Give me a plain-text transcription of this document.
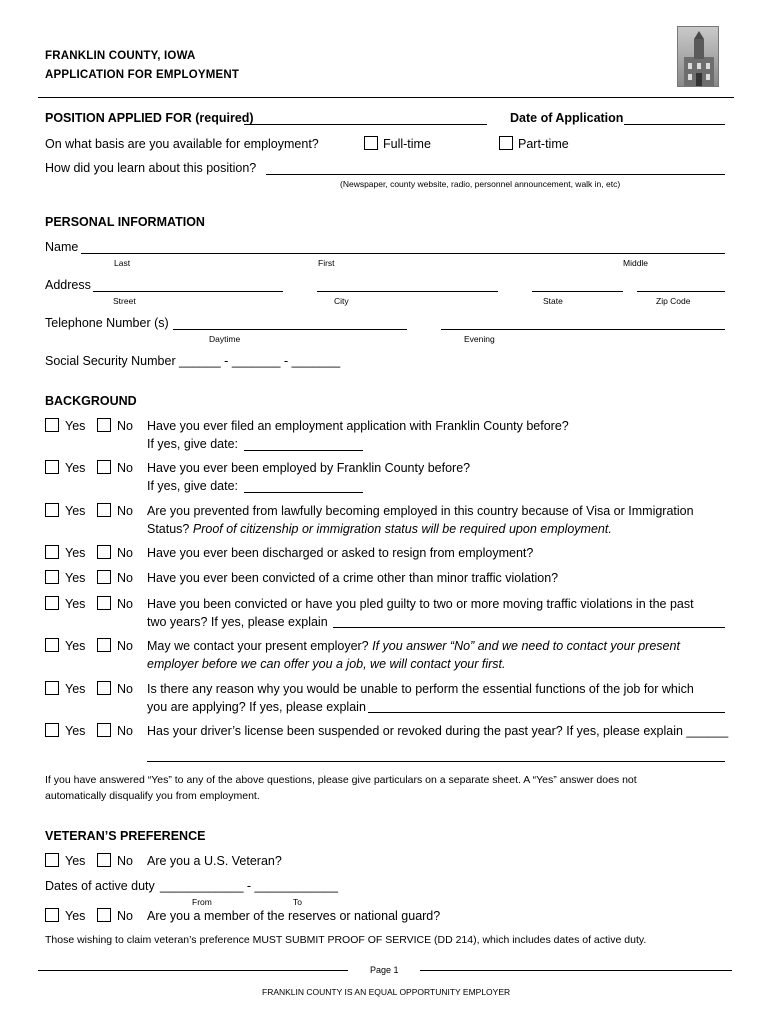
FRANKLIN COUNTY, IOWA
APPLICATION FOR EMPLOYMENT
POSITION APPLIED FOR (required)	Date of Application
On what basis are you available for employment?	Full-time	Part-time
How did you learn about this position?
(Newspaper, county website, radio, personnel announcement, walk in, etc)
PERSONAL INFORMATION
Name
Last	First	Middle
Address
Street	City	State	Zip Code
Telephone Number (s)
Daytime	Evening
Social Security Number ______ - _______ - _______
BACKGROUND
Yes	No Have you ever filed an employment application with Franklin County before?
If yes, give date:
Yes	No Have you ever been employed by Franklin County before?
If yes, give date:
Yes	No Are you prevented from lawfully becoming employed in this country because of Visa or Immigration
Status? Proof of citizenship or immigration status will be required upon employment.
Yes	No Have you ever been discharged or asked to resign from employment?
Yes	No Have you ever been convicted of a crime other than minor traffic violation?
Yes	No Have you been convicted or have you pled guilty to two or more moving traffic violations in the past
two years? If yes, please explain
Yes	No May we contact your present employer? If you answer “No” and we need to contact your present
employer before we can offer you a job, we will contact your first.
Yes	No Is there any reason why you would be unable to perform the essential functions of the job for which
you are applying? If yes, please explain
Yes	No Has your driver’s license been suspended or revoked during the past year? If yes, please explain ______
If you have answered “Yes” to any of the above questions, please give particulars on a separate sheet. A “Yes” answer does not
automatically disqualify you from employment.
VETERAN’S PREFERENCE
Yes	No Are you a U.S. Veteran?
Dates of active duty ____________ - ____________
From	To
Yes	No Are you a member of the reserves or national guard?
Those wishing to claim veteran’s preference MUST SUBMIT PROOF OF SERVICE (DD 214), which includes dates of active duty.
Page 1
FRANKLIN COUNTY IS AN EQUAL OPPORTUNITY EMPLOYER
